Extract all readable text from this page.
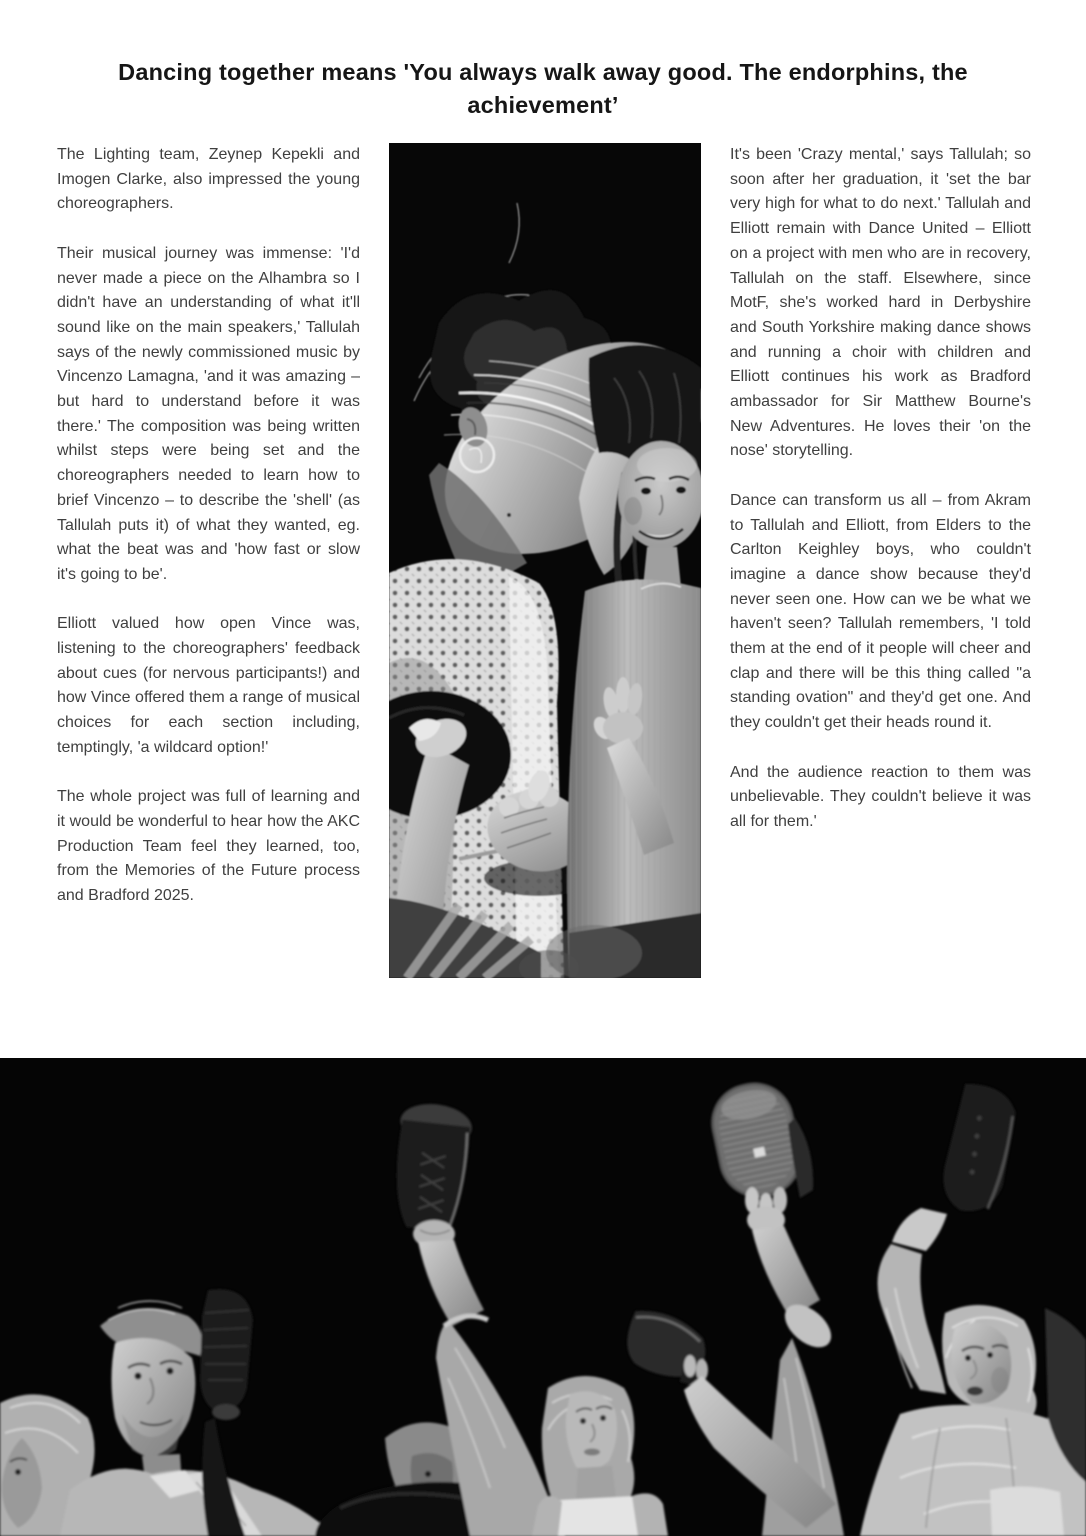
Dancing together means 'You always walk away good. The endorphins, the achievement’

The Lighting team, Zeynep Kepekli and Imogen Clarke, also impressed the young choreographers.

Their musical journey was immense: 'I'd never made a piece on the Alhambra so I didn't have an understanding of what it'll sound like on the main speakers,' Tallulah says of the newly commissioned music by Vincenzo Lamagna, 'and it was amazing – but hard to understand before it was there.' The composition was being written whilst steps were being set and the choreographers needed to learn how to brief Vincenzo – to describe the 'shell' (as Tallulah puts it) of what they wanted, eg. what the beat was and 'how fast or slow it's going to be'.

Elliott valued how open Vince was, listening to the choreographers' feedback about cues (for nervous participants!) and how Vince offered them a range of musical choices for each section including, temptingly, 'a wildcard option!'

The whole project was full of learning and it would be wonderful to hear how the AKC Production Team feel they learned, too, from the Memories of the Future process and Bradford 2025.

It's been 'Crazy mental,' says Tallulah; so soon after her graduation, it 'set the bar very high for what to do next.' Tallulah and Elliott remain with Dance United – Elliott on a project with men who are in recovery, Tallulah on the staff. Elsewhere, since MotF, she's worked hard in Derbyshire and South Yorkshire making dance shows and running a choir with children and Elliott continues his work as Bradford ambassador for Sir Matthew Bourne's New Adventures. He loves their 'on the nose' storytelling.

Dance can transform us all – from Akram to Tallulah and Elliott, from Elders to the Carlton Keighley boys, who couldn't imagine a dance show because they'd never seen one. How can we be what we haven't seen? Tallulah remembers, 'I told them at the end of it people will cheer and clap and there will be this thing called "a standing ovation" and they'd get one. And they couldn't get their heads round it.

And the audience reaction to them was unbelievable. They couldn't believe it was all for them.'
